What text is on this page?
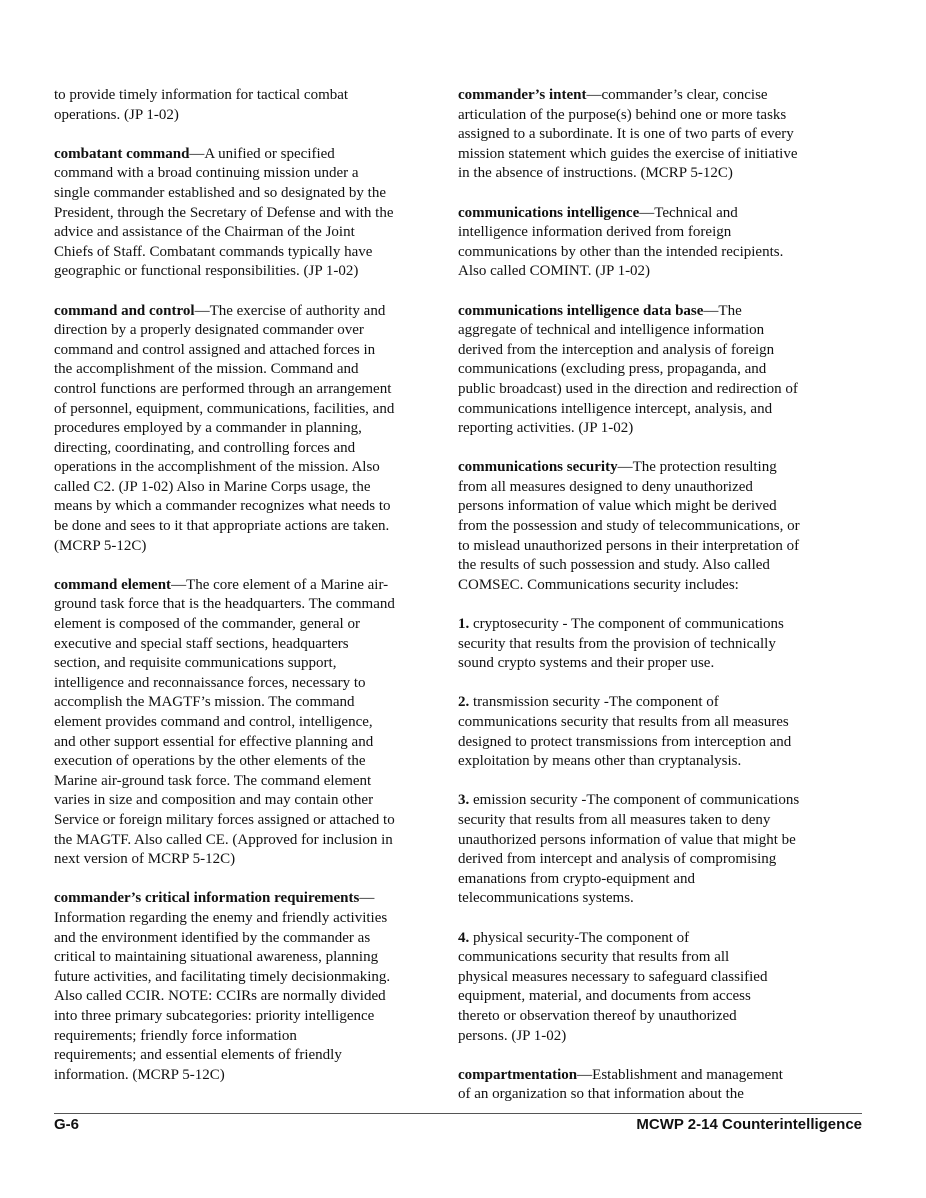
to provide timely information for tactical combat
operations. (JP 1-02)
combatant command—A unified or specified
command with a broad continuing mission under a
single commander established and so designated by the
President, through the Secretary of Defense and with the
advice and assistance of the Chairman of the Joint
Chiefs of Staff. Combatant commands typically have
geographic or functional responsibilities. (JP 1-02)
command and control—The exercise of authority and
direction by a properly designated commander over
command and control assigned and attached forces in
the accomplishment of the mission. Command and
control functions are performed through an arrangement
of personnel, equipment, communications, facilities, and
procedures employed by a commander in planning,
directing, coordinating, and controlling forces and
operations in the accomplishment of the mission. Also
called C2. (JP 1-02) Also in Marine Corps usage, the
means by which a commander recognizes what needs to
be done and sees to it that appropriate actions are taken.
(MCRP 5-12C)
command element—The core element of a Marine air-
ground task force that is the headquarters. The command
element is composed of the commander, general or
executive and special staff sections, headquarters
section, and requisite communications support,
intelligence and reconnaissance forces, necessary to
accomplish the MAGTF’s mission. The command
element provides command and control, intelligence,
and other support essential for effective planning and
execution of operations by the other elements of the
Marine air-ground task force. The command element
varies in size and composition and may contain other
Service or foreign military forces assigned or attached to
the MAGTF. Also called CE. (Approved for inclusion in
next version of MCRP 5-12C)
commander’s critical information requirements—
Information regarding the enemy and friendly activities
and the environment identified by the commander as
critical to maintaining situational awareness, planning
future activities, and facilitating timely decisionmaking.
Also called CCIR. NOTE: CCIRs are normally divided
into three primary subcategories: priority intelligence
requirements; friendly force information
requirements; and essential elements of friendly
information. (MCRP 5-12C)
commander’s intent—commander’s clear, concise
articulation of the purpose(s) behind one or more tasks
assigned to a subordinate. It is one of two parts of every
mission statement which guides the exercise of initiative
in the absence of instructions. (MCRP 5-12C)
communications intelligence—Technical and
intelligence information derived from foreign
communications by other than the intended recipients.
Also called COMINT. (JP 1-02)
communications intelligence data base—The
aggregate of technical and intelligence information
derived from the interception and analysis of foreign
communications (excluding press, propaganda, and
public broadcast) used in the direction and redirection of
communications intelligence intercept, analysis, and
reporting activities. (JP 1-02)
communications security—The protection resulting
from all measures designed to deny unauthorized
persons information of value which might be derived
from the possession and study of telecommunications, or
to mislead unauthorized persons in their interpretation of
the results of such possession and study. Also called
COMSEC. Communications security includes:
1. cryptosecurity - The component of communications
security that results from the provision of technically
sound crypto systems and their proper use.
2. transmission security -The component of
communications security that results from all measures
designed to protect transmissions from interception and
exploitation by means other than cryptanalysis.
3. emission security -The component of communications
security that results from all measures taken to deny
unauthorized persons information of value that might be
derived from intercept and analysis of compromising
emanations from crypto-equipment and
telecommunications systems.
4. physical security-The component of
communications security that results from all
physical measures necessary to safeguard classified
equipment, material, and documents from access
thereto or observation thereof by unauthorized
persons. (JP 1-02)
compartmentation—Establishment and management
of an organization so that information about the
G-6	MCWP 2-14 Counterintelligence
